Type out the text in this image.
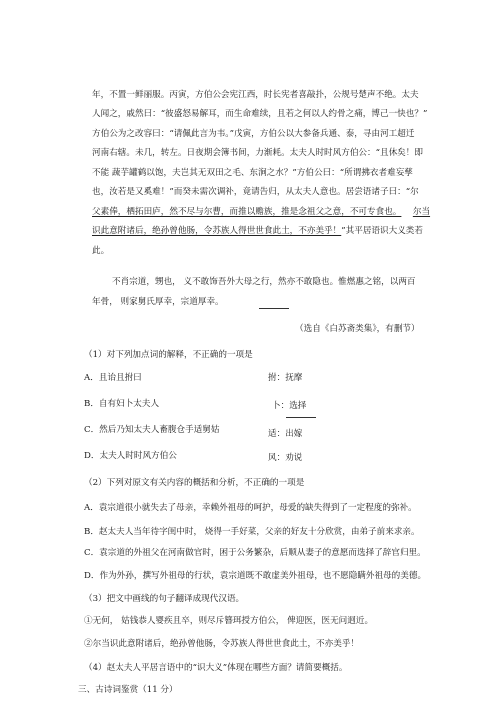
年，不置一鲜丽服。丙寅，方伯公会宪江西，时长宪者喜敲扑，公规号楚声不绝。太夫
人闻之，戚然曰：“彼盛怒易解耳，而生命难续，且若之何以人约骨之痛，博己一快也？”
方伯公为之改容曰：“请佩此言为韦。”戊寅，方伯公以大参备兵通、泰，寻由河工超迁
河南右辖。未几，转左。日夜期会簿书间，力渐耗。太夫人时时风方伯公：“且休矣！即
不能 蔬芋罐鹤以饱，夫岂其无双田之毛、东涧之水？”方伯公曰：“所谓拂衣者难妄孳
也，汝若是又奚难！”而癸未需次调补，竟请告归，从太夫人意也。居尝语诸子曰：“尔
父素俸，栖拓田庐，然不尽与尔曹，而推以赡族，推是念祖父之意，不可专食也。 尔当
识此意附诸后，绝孙曾他肠，令苏族人得世世食此土，不亦美乎！”其平居语识大义类若
此。
不肖宗道，甥也， 义不敢饰吾外大母之行，然亦不敢隐也。惟燃惠之铭，以两百
年骨， 则家舅氏厚幸，宗道厚幸。
（选自《白苏斋类集》，有删节）
（1）对下列加点词的解释，不正确的一项是
A．且诒且拊曰	拊：抚摩
B．自有妇卜太夫人	卜：选择
C．然后乃知太夫人畜腹仓手适舅姑	适：出嫁
D．太夫人时时风方伯公	风：劝说
（2）下列对原文有关内容的概括和分析，不正确的一项是
A．袁宗道很小就失去了母亲，幸赖外祖母的呵护，母爱的缺失得到了一定程度的弥补。
B．赵太夫人当年待字闺中时， 烧得一手好菜，父亲的好友十分欣赏，由弟子前来求亲。
C．袁宗道的外祖父在河南做官时，困于公务繁杂，后顺从妻子的意愿而选择了辞官归里。
D．作为外孙，撰写外祖母的行状，袁宗道既不敢虚美外祖母，也不愿隐瞒外祖母的美德。
（3）把文中画线的句子翻译成现代汉语。
①无何， 姑钱恭人婴疾且卒，则尽斥簪珥授方伯公， 俾迎医，医无问迥近。
②尔当识此意附诸后，绝孙曾他肠，令苏族人得世世食此土，不亦美乎！
（4）赵太夫人平居言语中的“识大义”体现在哪些方面？请简要概括。
三、古诗词鉴赏（11 分）
